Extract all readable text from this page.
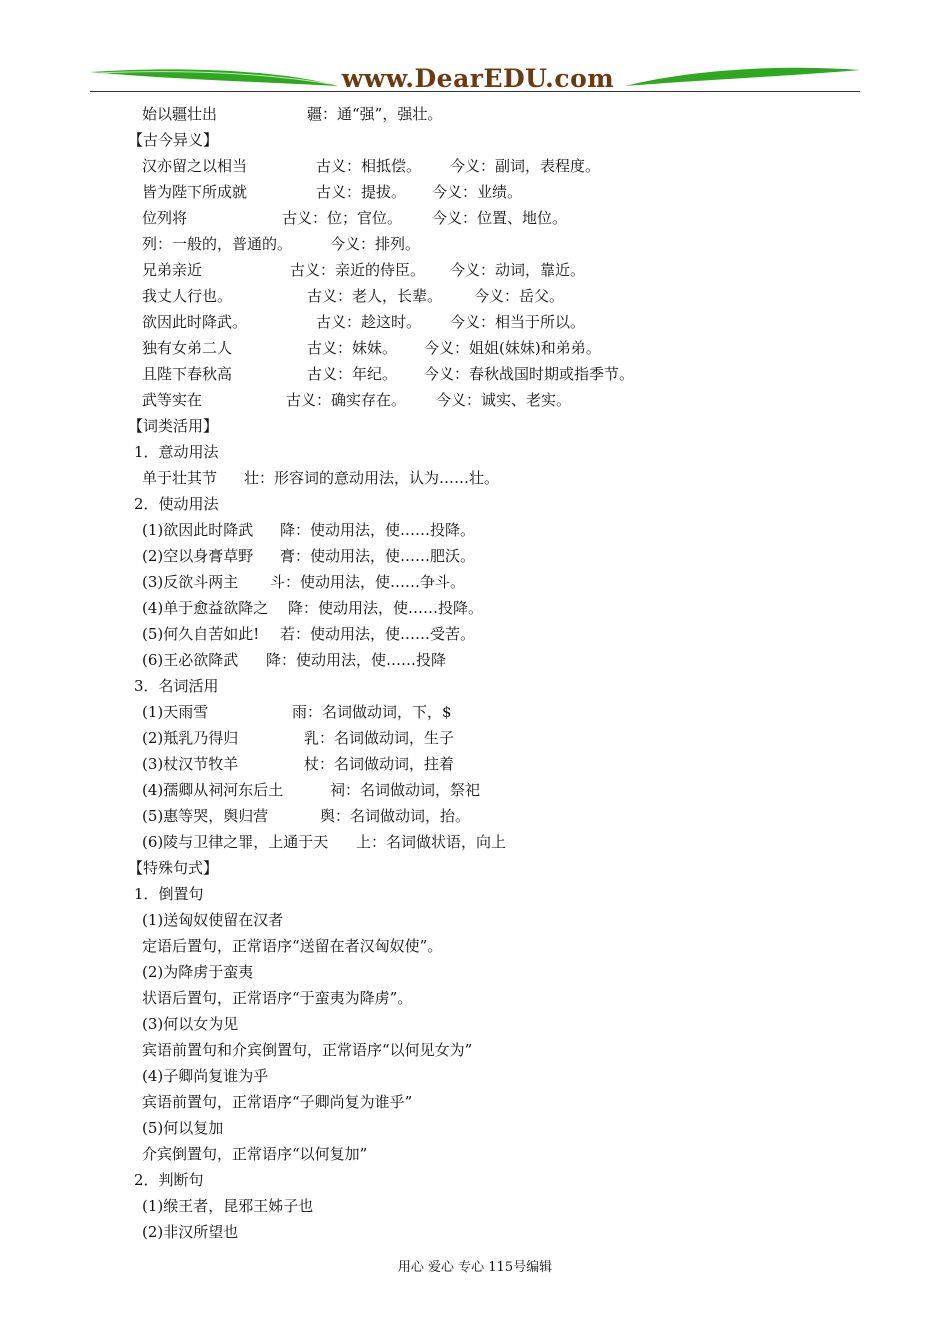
www.DearEDU.com
始以疆壮出	疆：通“强”，强壮。
【古今异义】
汉亦留之以相当	古义：相抵偿。 今义：副词，表程度。
皆为陛下所成就	古义：提拔。 今义：业绩。
位列将	古义：位；官位。 今义：位置、地位。
列：一般的，普通的。	今义：排列。
兄弟亲近	古义：亲近的侍臣。 今义：动词，靠近。
我丈人行也。	古义：老人，长辈。 今义：岳父。
欲因此时降武。	古义：趁这时。 今义：相当于所以。
独有女弟二人	古义：妹妹。 今义：姐姐(妹妹)和弟弟。
且陛下春秋高	古义：年纪。 今义：春秋战国时期或指季节。
武等实在	古义：确实存在。 今义：诚实、老实。
【词类活用】
1．意动用法
单于壮其节 壮：形容词的意动用法，认为……壮。
2．使动用法
(1)欲因此时降武 降：使动用法，使……投降。
(2)空以身膏草野 膏：使动用法，使……肥沃。
(3)反欲斗两主 斗：使动用法，使……争斗。
(4)单于愈益欲降之 降：使动用法，使……投降。
(5)何久自苦如此! 若：使动用法，使……受苦。
(6)王必欲降武 降：使动用法，使……投降
3．名词活用
(1)天雨雪	雨：名词做动词，下，$
(2)羝乳乃得归	乳：名词做动词，生子
(3)杖汉节牧羊	杖：名词做动词，拄着
(4)孺卿从祠河东后土	祠：名词做动词，祭祀
(5)惠等哭，舆归营	舆：名词做动词，抬。
(6)陵与卫律之罪，上通于天 上：名词做状语，向上
【特殊句式】
1．倒置句
(1)送匈奴使留在汉者
定语后置句，正常语序“送留在者汉匈奴使”。
(2)为降虏于蛮夷
状语后置句，正常语序“于蛮夷为降虏”。
(3)何以女为见
宾语前置句和介宾倒置句，正常语序“以何见女为”
(4)子卿尚复谁为乎
宾语前置句，正常语序“子卿尚复为谁乎”
(5)何以复加
介宾倒置句，正常语序“以何复加”
2．判断句
(1)缑王者，昆邪王姊子也
(2)非汉所望也
用心 爱心 专心 115号编辑
